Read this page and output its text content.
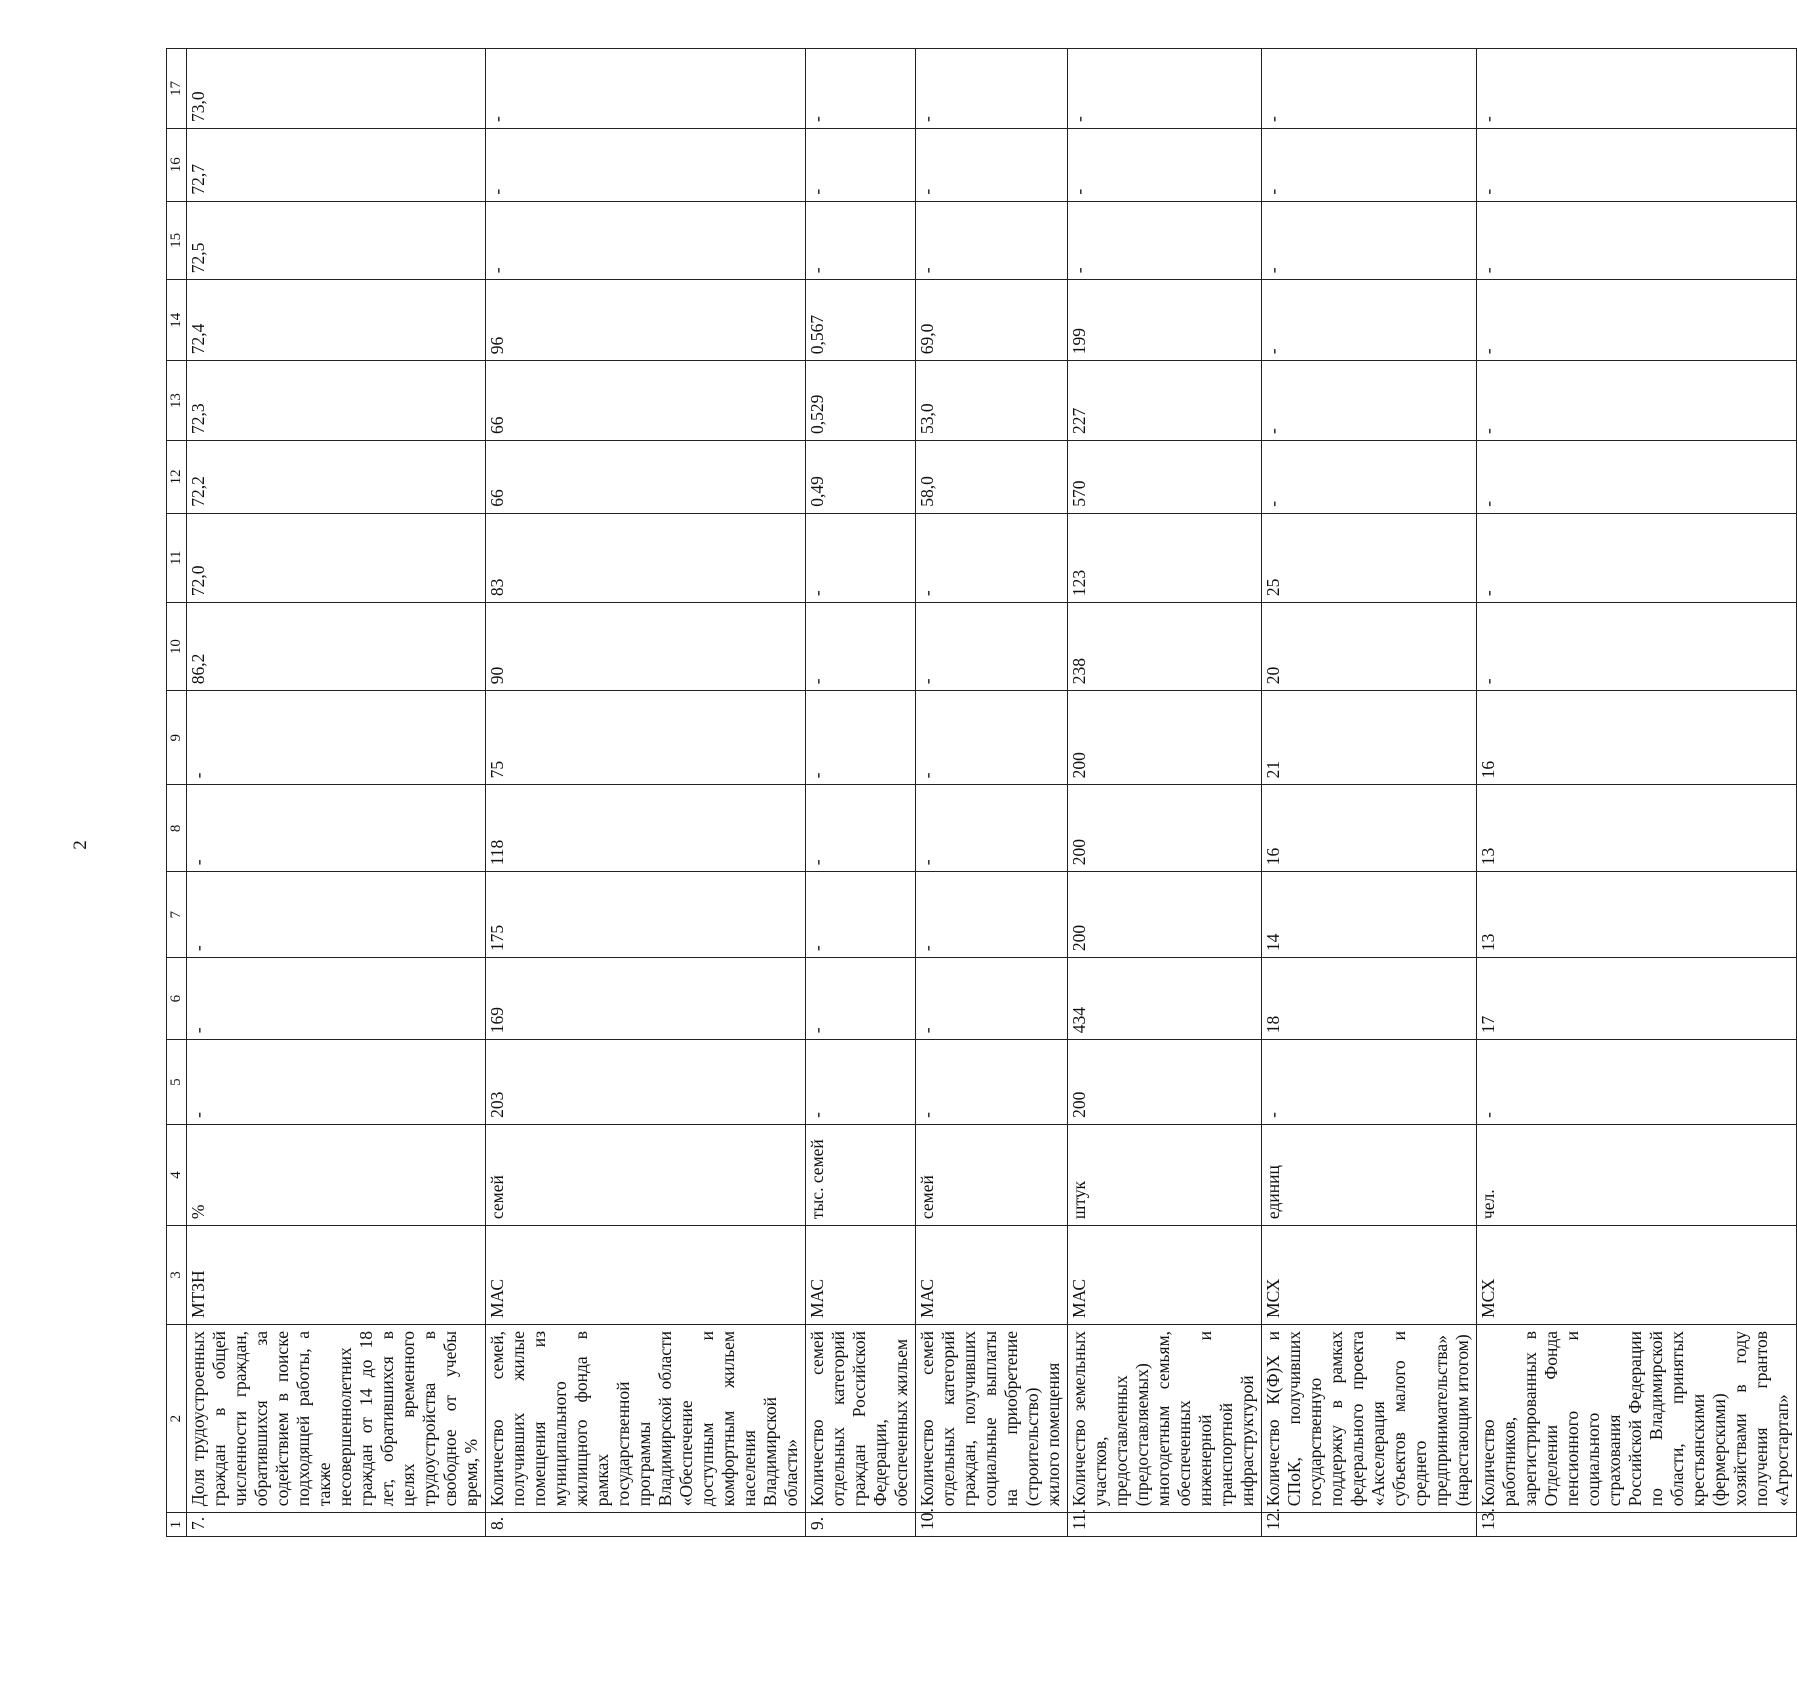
2
1	2	3	4	5	6	7	8	9	10	11	12	13	14	15	16	17
7.	Доля трудоустроенных граждан в общей численности граждан, обратившихся за содействием в поиске подходящей работы, а также несовершеннолетних граждан от 14 до 18 лет, обратившихся в целях временного трудоустройства в свободное от учебы время, %	МТЗН	%	-	-	-	-	-	86,2	72,0	72,2	72,3	72,4	72,5	72,7	73,0
8.	Количество семей, получивших жилые помещения из муниципального жилищного фонда в рамках государственной программы Владимирской области «Обеспечение доступным и комфортным жильем населения Владимирской области»	МАС	семей	203	169	175	118	75	90	83	66	66	96	-	-	-
9.	Количество семей отдельных категорий граждан Российской Федерации, обеспеченных жильем	МАС	тыс. семей	-	-	-	-	-	-	-	0,49	0,529	0,567	-	-	-
10.	Количество семей отдельных категорий граждан, получивших социальные выплаты на приобретение (строительство) жилого помещения	МАС	семей	-	-	-	-	-	-	-	58,0	53,0	69,0	-	-	-
11.	Количество земельных участков, предоставленных (предоставляемых) многодетным семьям, обеспеченных инженерной и транспортной инфраструктурой	МАС	штук	200	434	200	200	200	238	123	570	227	199	-	-	-
12.	Количество К(Ф)Х и СПоК, получивших государственную поддержку в рамках федерального проекта «Акселерация субъектов малого и среднего предпринимательства» (нарастающим итогом)	МСХ	единиц	-	18	14	16	21	20	25	-	-	-	-	-	-
13.	Количество работников, зарегистрированных в Отделении Фонда пенсионного и социального страхования Российской Федерации по Владимирской области, принятых крестьянскими (фермерскими) хозяйствами в году получения грантов «Агростартап»	МСХ	чел.	-	17	13	13	16	-	-	-	-	-	-	-	-
